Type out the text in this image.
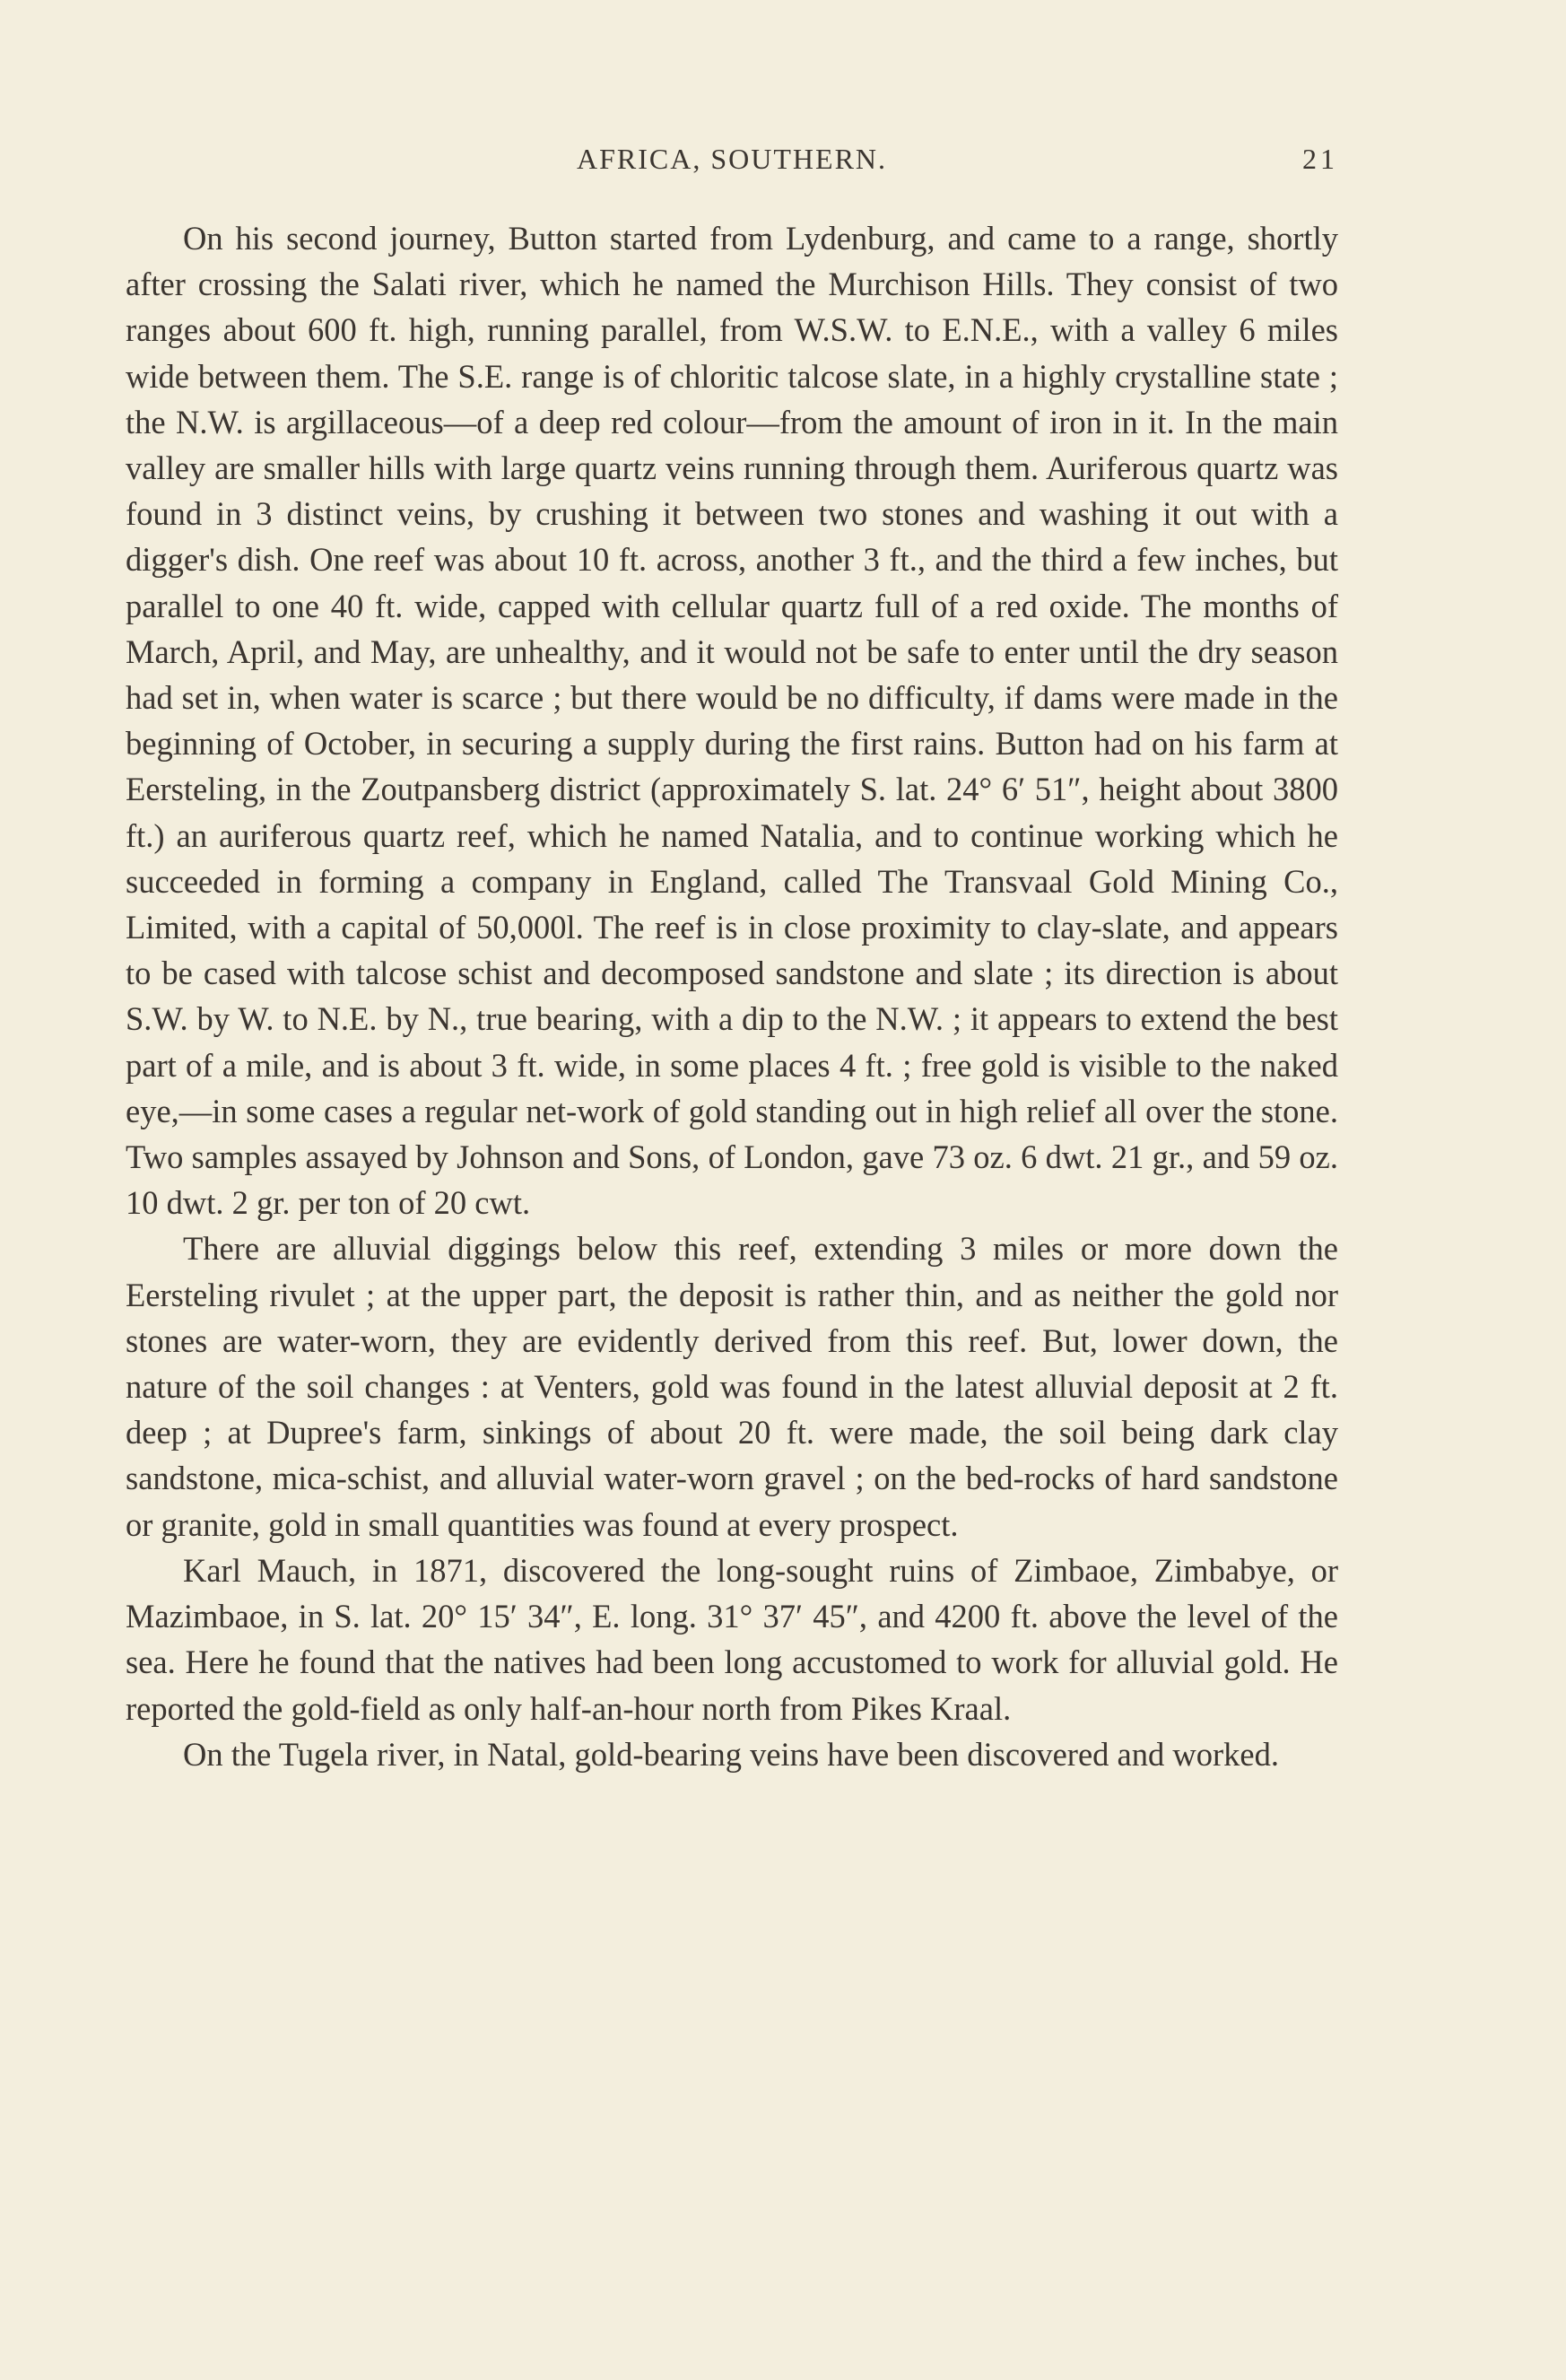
AFRICA, SOUTHERN.	21

On his second journey, Button started from Lydenburg, and came to a range, shortly after crossing the Salati river, which he named the Murchison Hills. They consist of two ranges about 600 ft. high, running parallel, from W.S.W. to E.N.E., with a valley 6 miles wide between them. The S.E. range is of chloritic talcose slate, in a highly crystalline state ; the N.W. is argillaceous—of a deep red colour—from the amount of iron in it. In the main valley are smaller hills with large quartz veins running through them. Auriferous quartz was found in 3 distinct veins, by crushing it between two stones and washing it out with a digger's dish. One reef was about 10 ft. across, another 3 ft., and the third a few inches, but parallel to one 40 ft. wide, capped with cellular quartz full of a red oxide. The months of March, April, and May, are unhealthy, and it would not be safe to enter until the dry season had set in, when water is scarce ; but there would be no difficulty, if dams were made in the beginning of October, in securing a supply during the first rains. Button had on his farm at Eersteling, in the Zoutpansberg district (approximately S. lat. 24° 6′ 51″, height about 3800 ft.) an auriferous quartz reef, which he named Natalia, and to continue working which he succeeded in forming a company in England, called The Transvaal Gold Mining Co., Limited, with a capital of 50,000l. The reef is in close proximity to clay-slate, and appears to be cased with talcose schist and decomposed sandstone and slate ; its direction is about S.W. by W. to N.E. by N., true bearing, with a dip to the N.W. ; it appears to extend the best part of a mile, and is about 3 ft. wide, in some places 4 ft. ; free gold is visible to the naked eye,—in some cases a regular net-work of gold standing out in high relief all over the stone. Two samples assayed by Johnson and Sons, of London, gave 73 oz. 6 dwt. 21 gr., and 59 oz. 10 dwt. 2 gr. per ton of 20 cwt.

There are alluvial diggings below this reef, extending 3 miles or more down the Eersteling rivulet ; at the upper part, the deposit is rather thin, and as neither the gold nor stones are water-worn, they are evidently derived from this reef. But, lower down, the nature of the soil changes : at Venters, gold was found in the latest alluvial deposit at 2 ft. deep ; at Dupree's farm, sinkings of about 20 ft. were made, the soil being dark clay sandstone, mica-schist, and alluvial water-worn gravel ; on the bed-rocks of hard sandstone or granite, gold in small quantities was found at every prospect.

Karl Mauch, in 1871, discovered the long-sought ruins of Zimbaoe, Zimbabye, or Mazimbaoe, in S. lat. 20° 15′ 34″, E. long. 31° 37′ 45″, and 4200 ft. above the level of the sea. Here he found that the natives had been long accustomed to work for alluvial gold. He reported the gold-field as only half-an-hour north from Pikes Kraal.

On the Tugela river, in Natal, gold-bearing veins have been discovered and worked.
